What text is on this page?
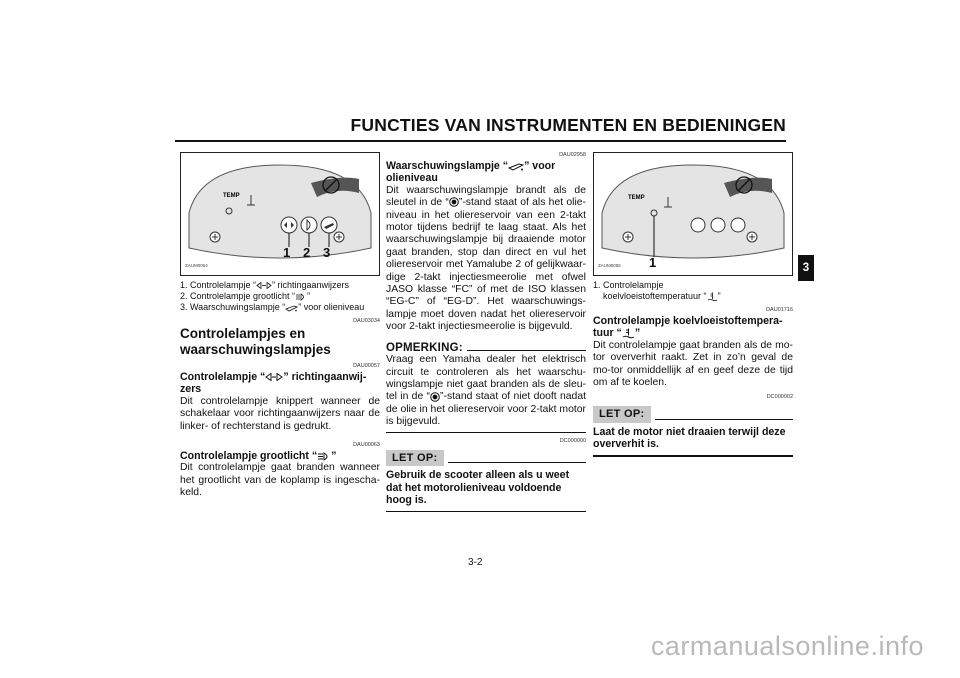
FUNCTIES VAN INSTRUMENTEN EN BEDIENINGEN
3
TEMP
1 2 3
ZAUM0054
1. Controlelampje “ ” richtingaanwijzers
2. Controlelampje grootlicht “ ”
3. Waarschuwingslampje “ ” voor olieniveau
DAU03034
Controlelampjes en waarschuwingslampjes
DAU00057
Controlelampje “ ” richtingaanwij-zers
Dit controlelampje knippert wanneer de schakelaar voor richtingaanwijzers naar de linker- of rechterstand is gedrukt.
DAU00063
Controlelampje grootlicht “ ”
Dit controlelampje gaat branden wanneer het grootlicht van de koplamp is ingescha-keld.
DAU02958
Waarschuwingslampje “ ” voor olieniveau
Dit waarschuwingslampje brandt als de sleutel in de “ ”-stand staat of als het olie-niveau in het oliereservoir van een 2-takt motor tijdens bedrijf te laag staat. Als het waarschuwingslampje bij draaiende motor gaat branden, stop dan direct en vul het oliereservoir met Yamalube 2 of gelijkwaar-dige 2-takt injectiesmeerolie met ofwel JASO klasse “FC” of met de ISO klassen “EG-C” of “EG-D”. Het waarschuwings-lampje moet doven nadat het oliereservoir voor 2-takt injectiesmeerolie is bijgevuld.
OPMERKING:
Vraag een Yamaha dealer het elektrisch circuit te controleren als het waarschu-wingslampje niet gaat branden als de sleu-tel in de “ ”-stand staat of niet dooft nadat de olie in het oliereservoir voor 2-takt motor is bijgevuld.
DC000000
LET OP:
Gebruik de scooter alleen als u weet dat het motorolieniveau voldoende hoog is.
TEMP
1
ZAUM0055
1. Controlelampje
koelvloeistoftemperatuur “ ”
DAU01716
Controlelampje koelvloeistoftempera-tuur “ ”
Dit controlelampje gaat branden als de mo-tor oververhit raakt. Zet in zo’n geval de mo-tor onmiddellijk af en geef deze de tijd om af te koelen.
DC000002
LET OP:
Laat de motor niet draaien terwijl deze oververhit is.
3-2
carmanualsonline.info
